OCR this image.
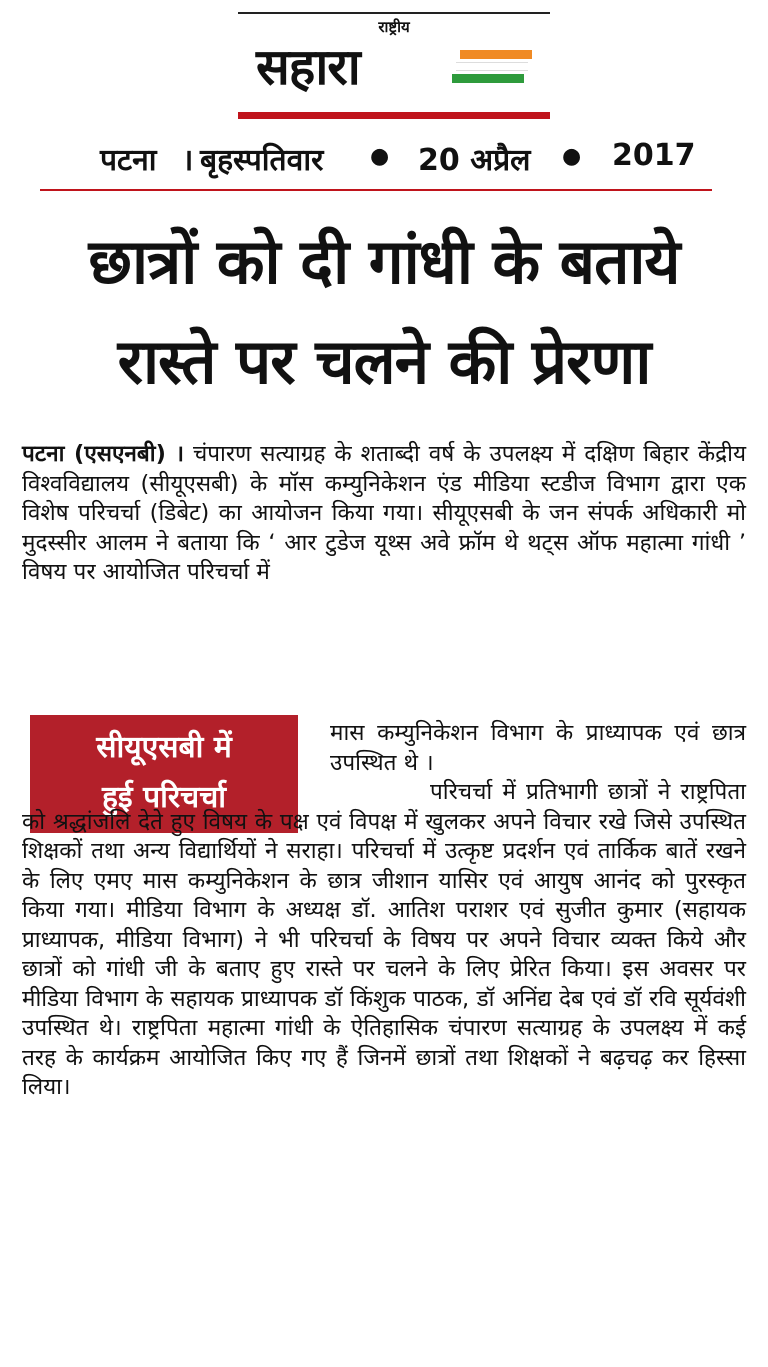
राष्ट्रीय
सहारा
पटना । बृहस्पतिवार ● 20 अप्रैल ● 2017
छात्रों को दी गांधी के बताये
रास्ते पर चलने की प्रेरणा
पटना (एसएनबी) । चंपारण सत्याग्रह के शताब्दी वर्ष के उपलक्ष्य में दक्षिण बिहार केंद्रीय विश्वविद्यालय (सीयूएसबी) के मॉस कम्युनिकेशन एंड मीडिया स्टडीज विभाग द्वारा एक विशेष परिचर्चा (डिबेट) का आयोजन किया गया। सीयूएसबी के जन संपर्क अधिकारी मो मुदस्सीर आलम ने बताया कि ‘ आर टुडेज यूथ्स अवे फ्रॉम थे थट्स ऑफ महात्मा गांधी ’ विषय पर आयोजित परिचर्चा में
सीयूएसबी में
हुई परिचर्चा
मास कम्युनिकेशन विभाग के प्राध्यापक एवं छात्र उपस्थित थे ।
परिचर्चा में प्रतिभागी छात्रों ने राष्ट्रपिता को श्रद्धांजलि देते हुए विषय के पक्ष एवं विपक्ष में खुलकर अपने विचार रखे जिसे उपस्थित शिक्षकों तथा अन्य विद्यार्थियों ने सराहा। परिचर्चा में उत्कृष्ट प्रदर्शन एवं तार्किक बातें रखने के लिए एमए मास कम्युनिकेशन के छात्र जीशान यासिर एवं आयुष आनंद को पुरस्कृत किया गया। मीडिया विभाग के अध्यक्ष डॉ. आतिश पराशर एवं सुजीत कुमार (सहायक प्राध्यापक, मीडिया विभाग) ने भी परिचर्चा के विषय पर अपने विचार व्यक्त किये और छात्रों को गांधी जी के बताए हुए रास्ते पर चलने के लिए प्रेरित किया। इस अवसर पर मीडिया विभाग के सहायक प्राध्यापक डॉ किंशुक पाठक, डॉ अनिंद्य देब एवं डॉ रवि सूर्यवंशी उपस्थित थे। राष्ट्रपिता महात्मा गांधी के ऐतिहासिक चंपारण सत्याग्रह के उपलक्ष्य में कई तरह के कार्यक्रम आयोजित किए गए हैं जिनमें छात्रों तथा शिक्षकों ने बढ़चढ़ कर हिस्सा लिया।
